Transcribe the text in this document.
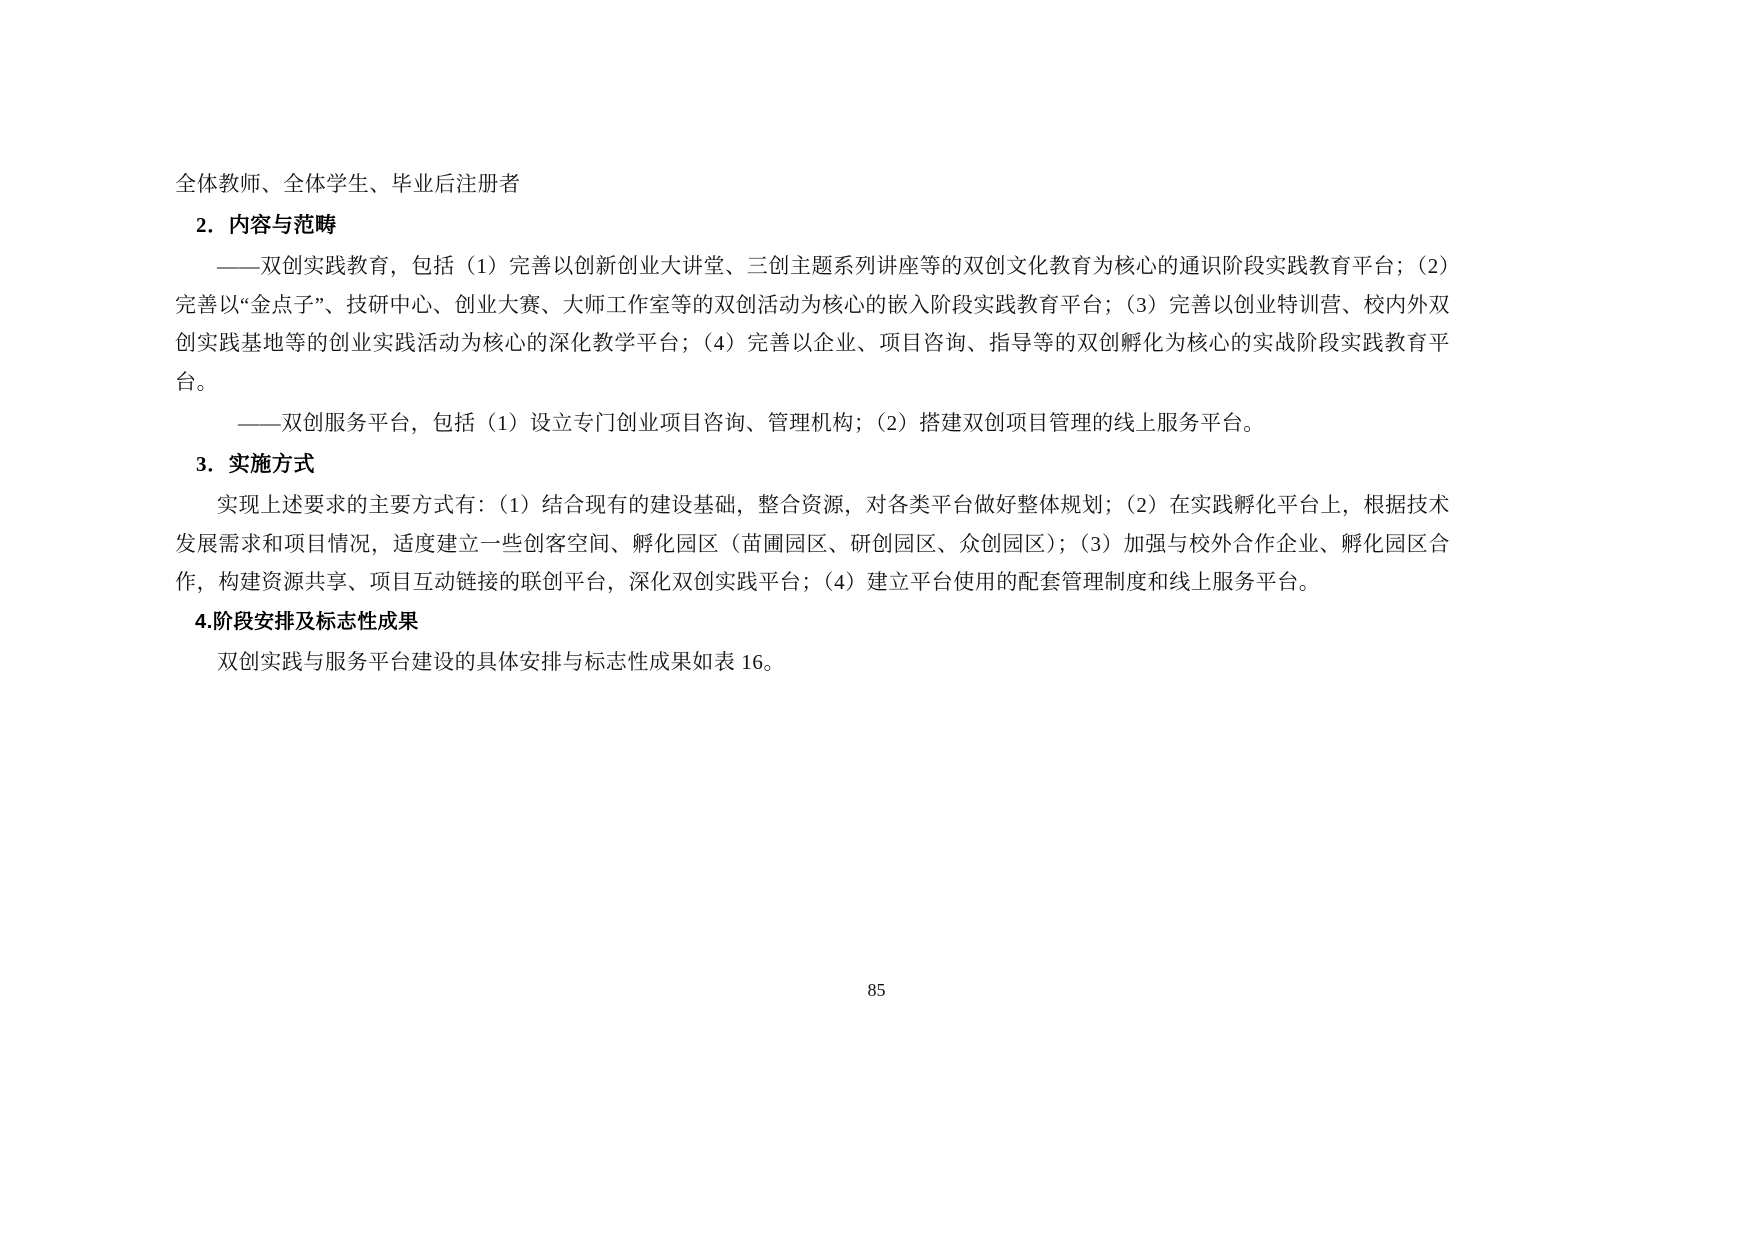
全体教师、全体学生、毕业后注册者

2．内容与范畴

——双创实践教育，包括（1）完善以创新创业大讲堂、三创主题系列讲座等的双创文化教育为核心的通识阶段实践教育平台；（2）完善以“金点子”、技研中心、创业大赛、大师工作室等的双创活动为核心的嵌入阶段实践教育平台；（3）完善以创业特训营、校内外双创实践基地等的创业实践活动为核心的深化教学平台；（4）完善以企业、项目咨询、指导等的双创孵化为核心的实战阶段实践教育平台。

——双创服务平台，包括（1）设立专门创业项目咨询、管理机构；（2）搭建双创项目管理的线上服务平台。

3．实施方式

实现上述要求的主要方式有：（1）结合现有的建设基础，整合资源，对各类平台做好整体规划；（2）在实践孵化平台上，根据技术发展需求和项目情况，适度建立一些创客空间、孵化园区（苗圃园区、研创园区、众创园区）；（3）加强与校外合作企业、孵化园区合作，构建资源共享、项目互动链接的联创平台，深化双创实践平台；（4）建立平台使用的配套管理制度和线上服务平台。

4.阶段安排及标志性成果

双创实践与服务平台建设的具体安排与标志性成果如表 16。

85
